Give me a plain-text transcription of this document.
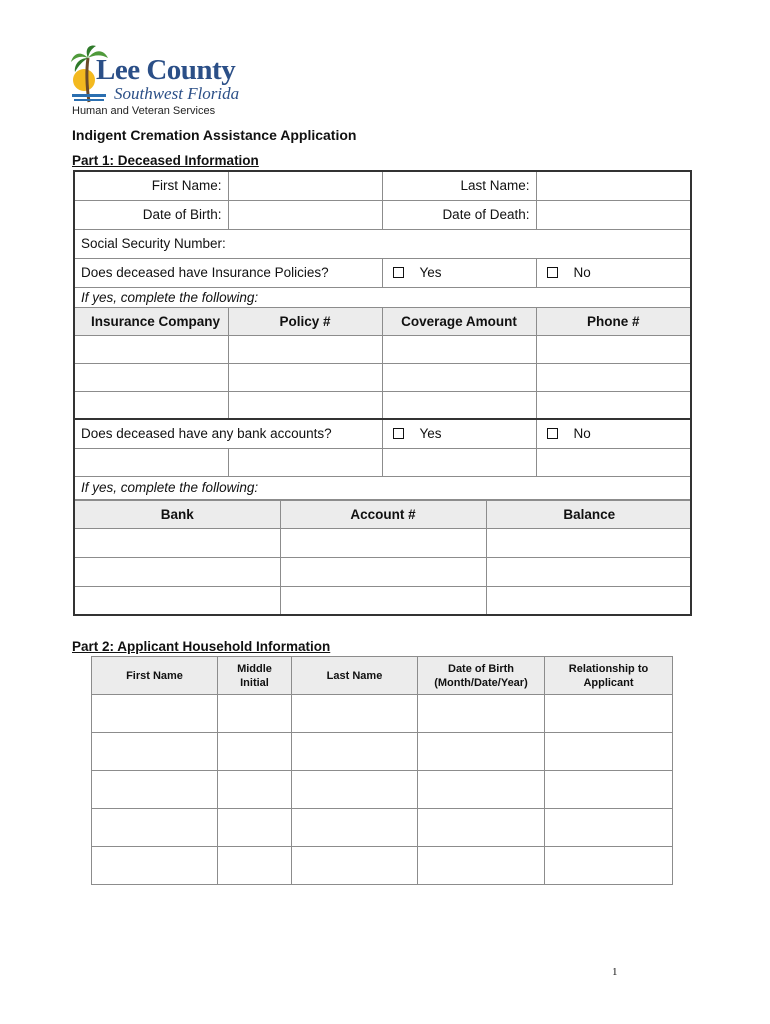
Lee County
Southwest Florida
Human and Veteran Services
Indigent Cremation Assistance Application
Part 1: Deceased Information
First Name:		Last Name:	
Date of Birth:		Date of Death:	
Social Security Number:	
Does deceased have Insurance Policies?	Yes	No
If yes, complete the following:
Insurance Company	Policy #	Coverage Amount	Phone #

Does deceased have any bank accounts?	Yes	No

If yes, complete the following:

Bank	Account #	Balance

Part 2: Applicant Household Information
First Name	Middle Initial	Last Name	Date of Birth (Month/Date/Year)	Relationship to Applicant

1
